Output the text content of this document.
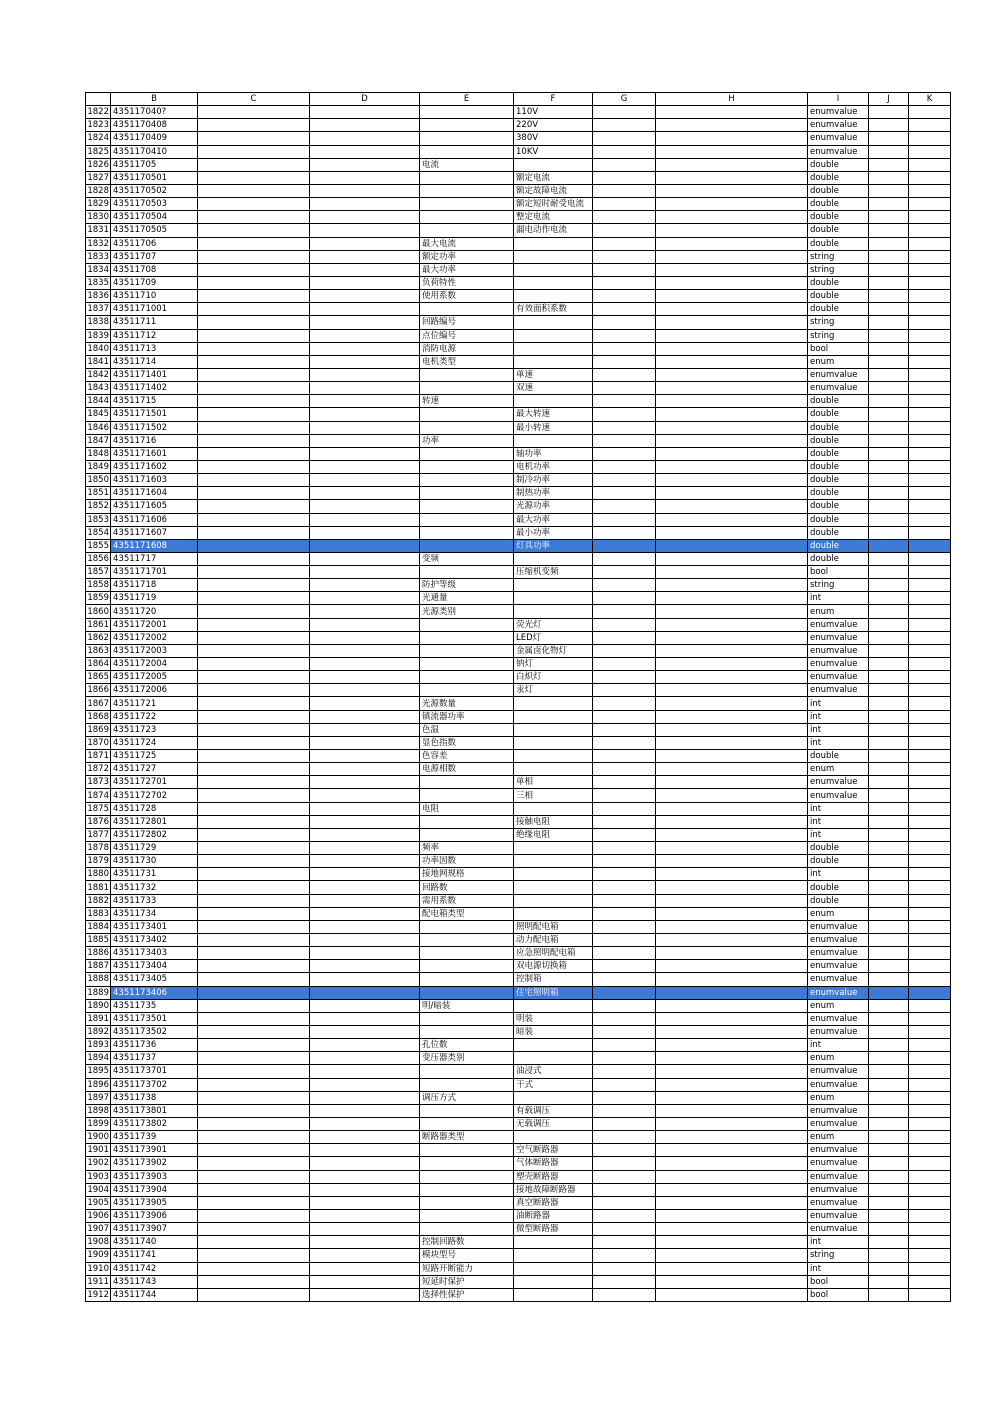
	B	C	D	E	F	G	H	I	J	K
1822	435117040?				110V			enumvalue		
1823	4351170408				220V			enumvalue		
1824	4351170409				380V			enumvalue		
1825	4351170410				10KV			enumvalue		
1826	43511705			电流				double		
1827	4351170501				额定电流			double		
1828	4351170502				额定故障电流			double		
1829	4351170503				额定短时耐受电流			double		
1830	4351170504				整定电流			double		
1831	4351170505				漏电动作电流			double		
1832	43511706			最大电流				double		
1833	43511707			额定功率				string		
1834	43511708			最大功率				string		
1835	43511709			负荷特性				double		
1836	43511710			使用系数				double		
1837	4351171001				有效面积系数			double		
1838	43511711			回路编号				string		
1839	43511712			点位编号				string		
1840	43511713			消防电源				bool		
1841	43511714			电机类型				enum		
1842	4351171401				单速			enumvalue		
1843	4351171402				双速			enumvalue		
1844	43511715			转速				double		
1845	4351171501				最大转速			double		
1846	4351171502				最小转速			double		
1847	43511716			功率				double		
1848	4351171601				轴功率			double		
1849	4351171602				电机功率			double		
1850	4351171603				制冷功率			double		
1851	4351171604				制热功率			double		
1852	4351171605				光源功率			double		
1853	4351171606				最大功率			double		
1854	4351171607				最小功率			double		
1855	4351171608				灯具功率			double		
1856	43511717			变频				double		
1857	4351171701				压缩机变频			bool		
1858	43511718			防护等级				string		
1859	43511719			光通量				int		
1860	43511720			光源类别				enum		
1861	4351172001				荧光灯			enumvalue		
1862	4351172002				LED灯			enumvalue		
1863	4351172003				金属卤化物灯			enumvalue		
1864	4351172004				钠灯			enumvalue		
1865	4351172005				白炽灯			enumvalue		
1866	4351172006				汞灯			enumvalue		
1867	43511721			光源数量				int		
1868	43511722			镇流器功率				int		
1869	43511723			色温				int		
1870	43511724			显色指数				int		
1871	43511725			色容差				double		
1872	43511727			电源相数				enum		
1873	4351172701				单相			enumvalue		
1874	4351172702				三相			enumvalue		
1875	43511728			电阻				int		
1876	4351172801				接触电阻			int		
1877	4351172802				绝缘电阻			int		
1878	43511729			频率				double		
1879	43511730			功率因数				double		
1880	43511731			接地网规格				int		
1881	43511732			回路数				double		
1882	43511733			需用系数				double		
1883	43511734			配电箱类型				enum		
1884	4351173401				照明配电箱			enumvalue		
1885	4351173402				动力配电箱			enumvalue		
1886	4351173403				应急照明配电箱			enumvalue		
1887	4351173404				双电源切换箱			enumvalue		
1888	4351173405				控制箱			enumvalue		
1889	4351173406				住宅照明箱			enumvalue		
1890	43511735			明/暗装				enum		
1891	4351173501				明装			enumvalue		
1892	4351173502				暗装			enumvalue		
1893	43511736			孔位数				int		
1894	43511737			变压器类别				enum		
1895	4351173701				油浸式			enumvalue		
1896	4351173702				干式			enumvalue		
1897	43511738			调压方式				enum		
1898	4351173801				有载调压			enumvalue		
1899	4351173802				无载调压			enumvalue		
1900	43511739			断路器类型				enum		
1901	4351173901				空气断路器			enumvalue		
1902	4351173902				气体断路器			enumvalue		
1903	4351173903				塑壳断路器			enumvalue		
1904	4351173904				接地故障断路器			enumvalue		
1905	4351173905				真空断路器			enumvalue		
1906	4351173906				油断路器			enumvalue		
1907	4351173907				微型断路器			enumvalue		
1908	43511740			控制回路数				int		
1909	43511741			模块型号				string		
1910	43511742			短路开断能力				int		
1911	43511743			短延时保护				bool		
1912	43511744			选择性保护				bool		
